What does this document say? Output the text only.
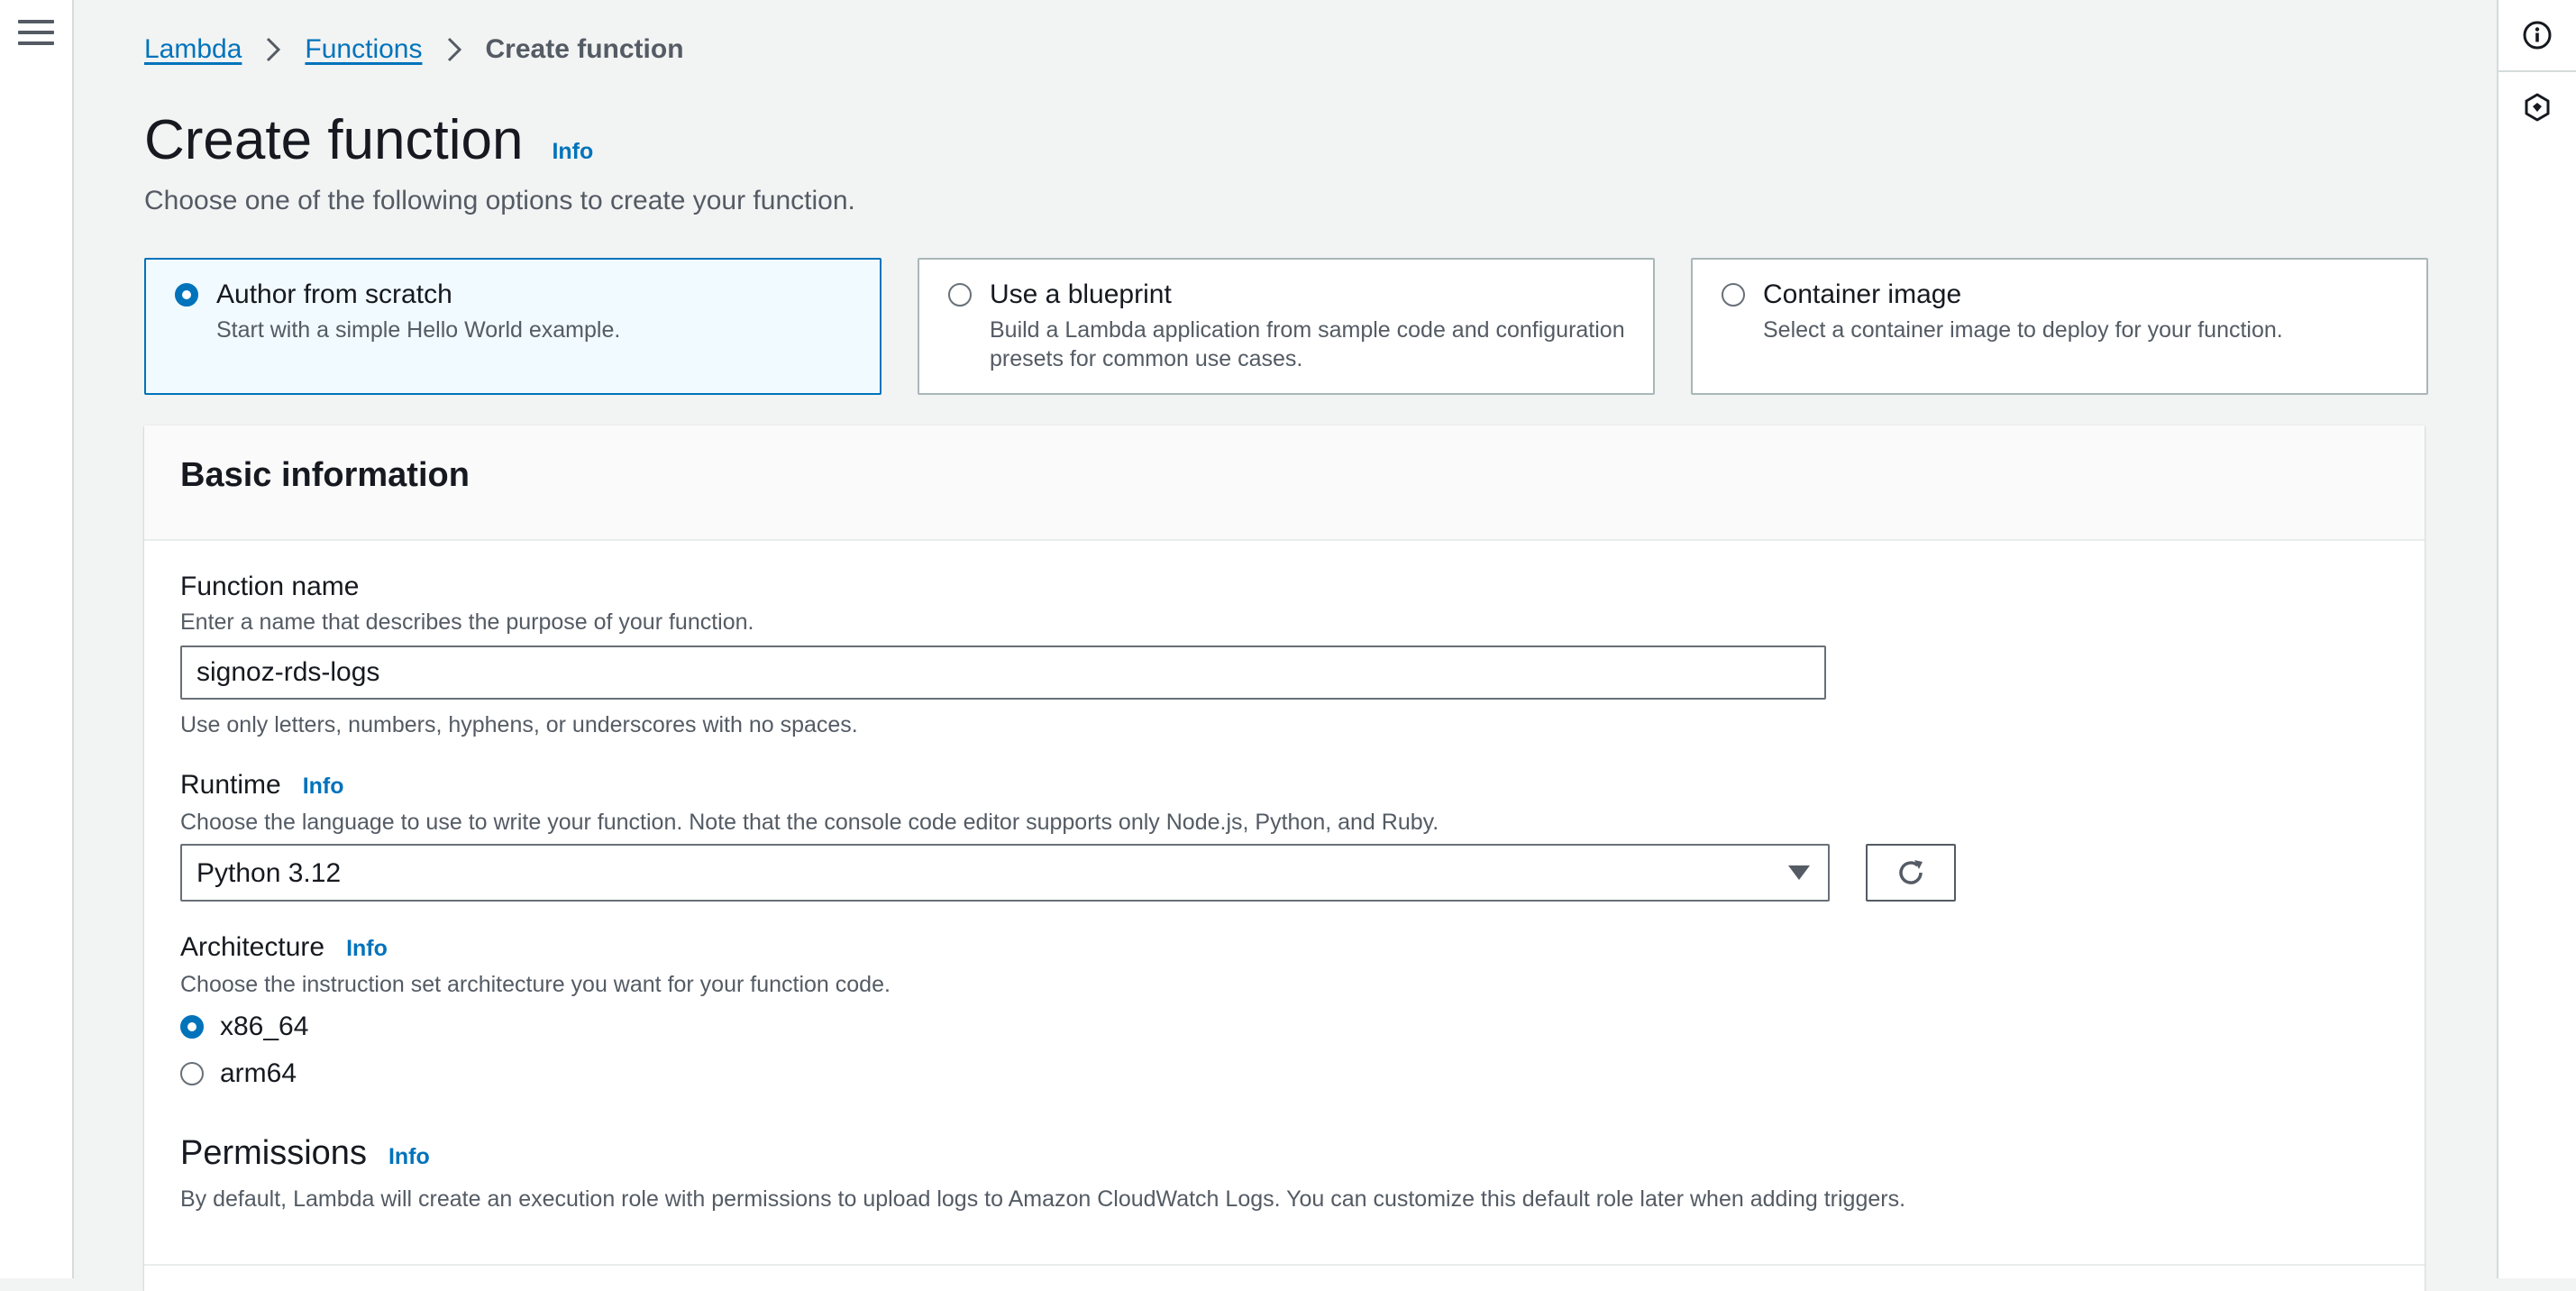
Lambda Functions Create function
Create function Info
Choose one of the following options to create your function.
Author from scratch
Start with a simple Hello World example.
Use a blueprint
Build a Lambda application from sample code and configuration presets for common use cases.
Container image
Select a container image to deploy for your function.
Basic information
Function name
Enter a name that describes the purpose of your function.
signoz-rds-logs
Use only letters, numbers, hyphens, or underscores with no spaces.
Runtime Info
Choose the language to use to write your function. Note that the console code editor supports only Node.js, Python, and Ruby.
Python 3.12
Architecture Info
Choose the instruction set architecture you want for your function code.
x86_64
arm64
Permissions Info
By default, Lambda will create an execution role with permissions to upload logs to Amazon CloudWatch Logs. You can customize this default role later when adding triggers.
